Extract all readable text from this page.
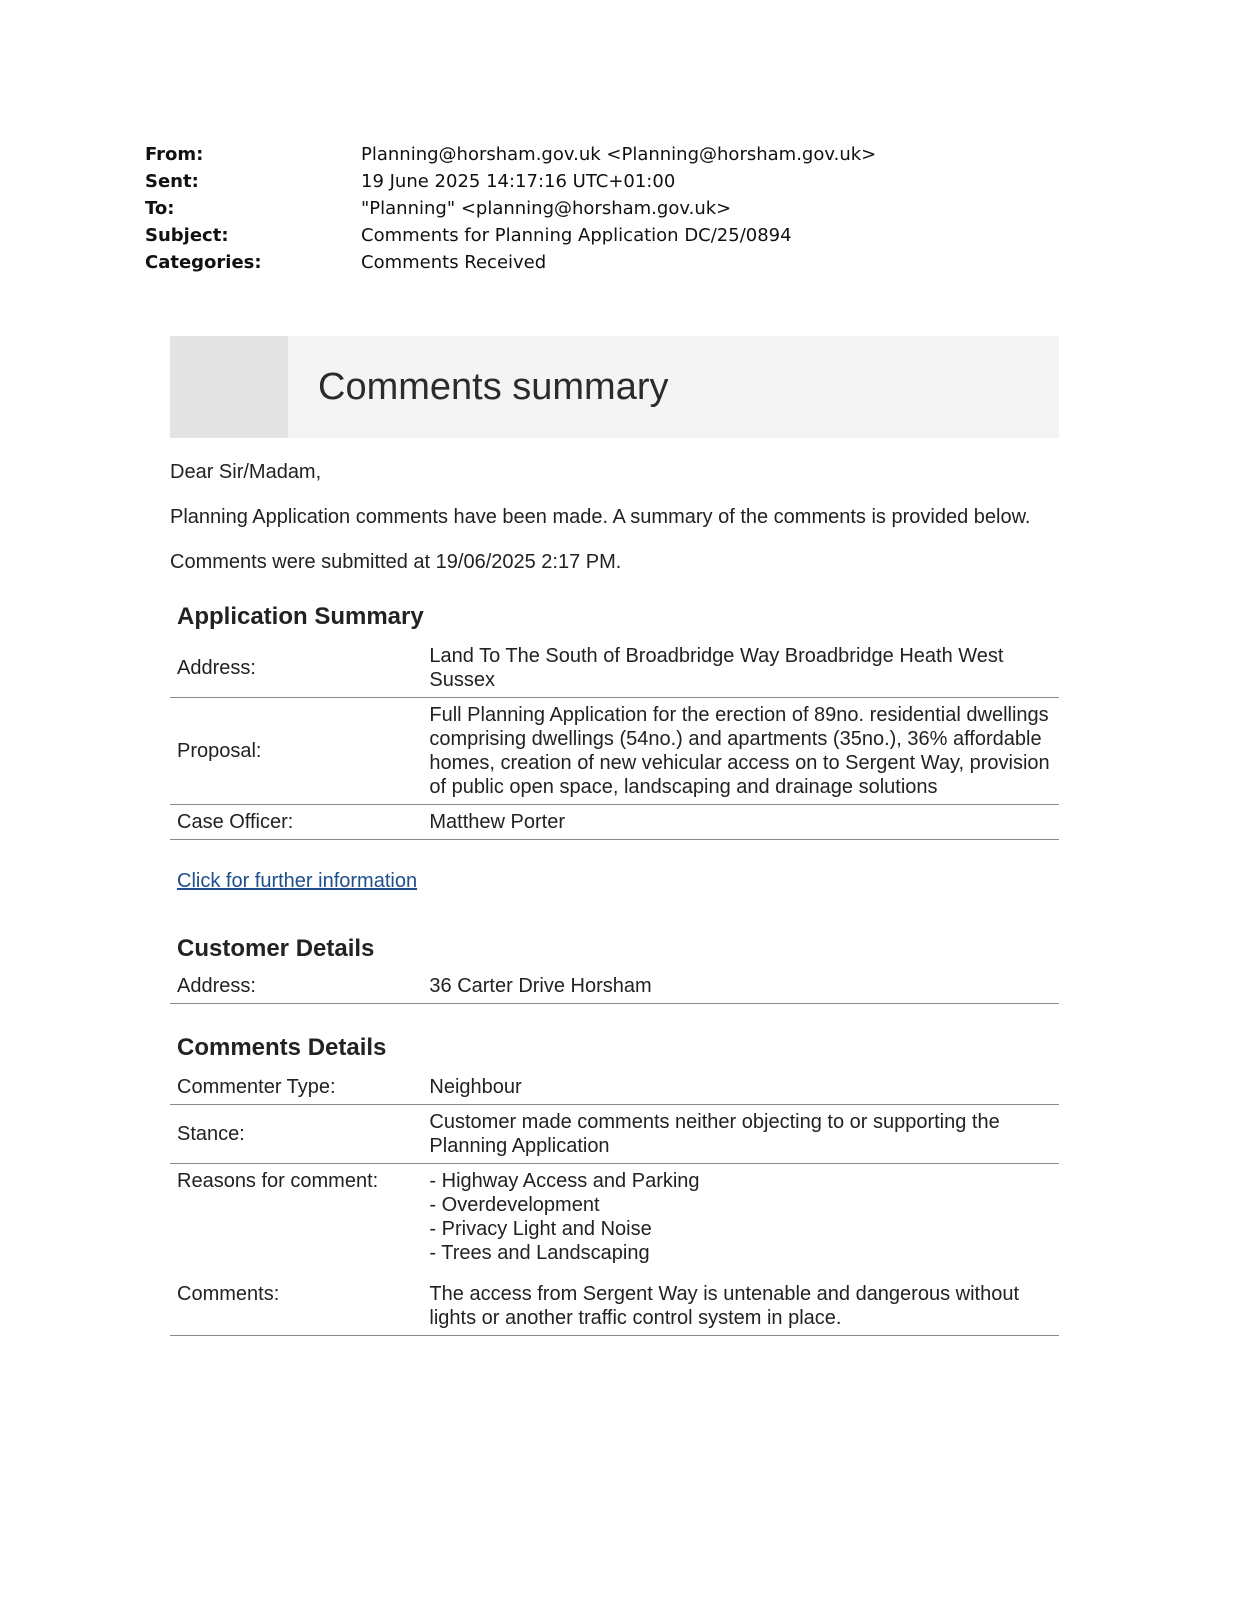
From:	Planning@horsham.gov.uk <Planning@horsham.gov.uk>
Sent:	19 June 2025 14:17:16 UTC+01:00
To:	"Planning" <planning@horsham.gov.uk>
Subject:	Comments for Planning Application DC/25/0894
Categories:	Comments Received
Comments summary

Dear Sir/Madam,

Planning Application comments have been made. A summary of the comments is provided below.

Comments were submitted at 19/06/2025 2:17 PM.

Application Summary
Address:	Land To The South of Broadbridge Way Broadbridge Heath West Sussex
Proposal:	Full Planning Application for the erection of 89no. residential dwellings comprising dwellings (54no.) and apartments (35no.), 36% affordable homes, creation of new vehicular access on to Sergent Way, provision of public open space, landscaping and drainage solutions
Case Officer:	Matthew Porter
Click for further information
Customer Details
Address:	36 Carter Drive Horsham
Comments Details
Commenter Type:	Neighbour
Stance:	Customer made comments neither objecting to or supporting the Planning Application
Reasons for comment:	- Highway Access and Parking
- Overdevelopment
- Privacy Light and Noise
- Trees and Landscaping

Comments:	The access from Sergent Way is untenable and dangerous without lights or another traffic control system in place.
